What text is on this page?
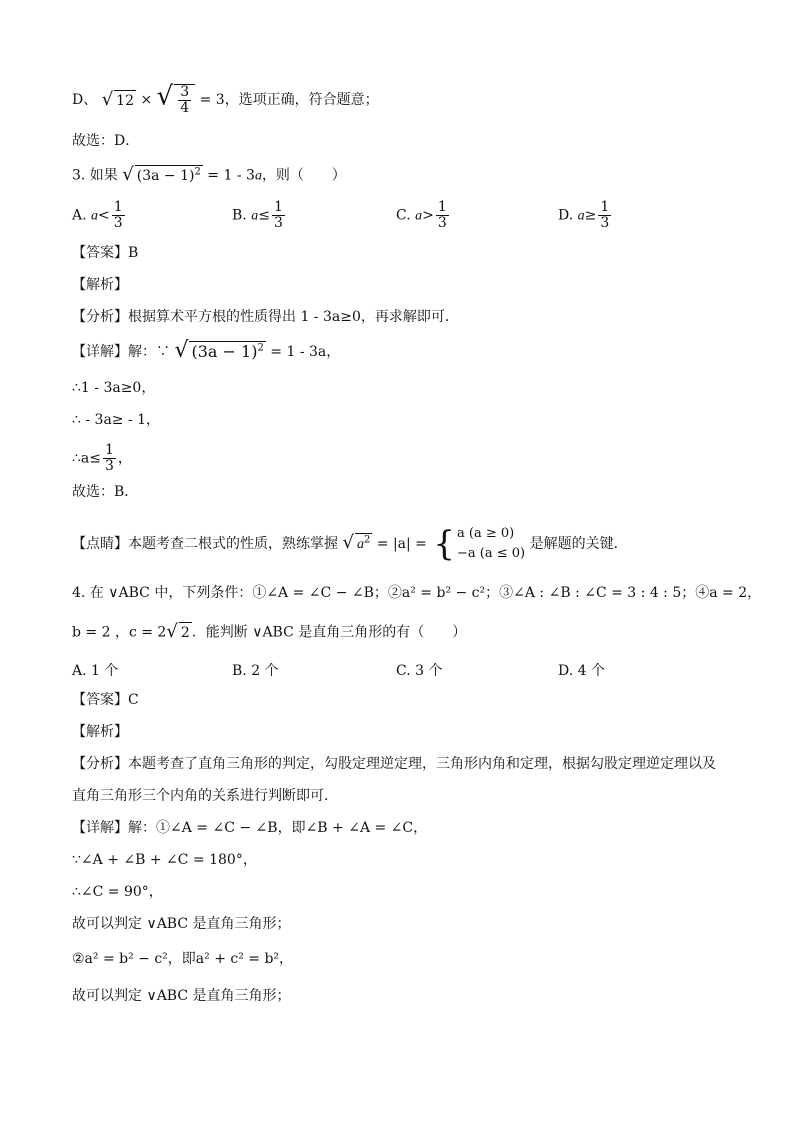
D、 √ 12 × √ $\frac{3}{4} = 3$，选项正确，符合题意；
故选：D．
3. 如果 √ $(3a - 1)^2 = 1 - 3a$，则（　　）
A. $a< \frac{1}{3}$	B. $a\le \frac{1}{3}$	C. $a> \frac{1}{3}$	D. $a\ge \frac{1}{3}$
【答案】B
【解析】
【分析】根据算术平方根的性质得出 1 - 3a≥0，再求解即可．
【详解】解：∵ √ $(3a - 1)^2 = 1 - 3a$，
∴1 - 3a≥0，
∴ - 3a≥ - 1，
∴a≤ $\frac{1}{3}$ ，
故选：B．
【点睛】本题考查二根式的性质，熟练掌握 √ $a^2 = |a|$ = { a (a ≥ 0)
−a (a ≤ 0)
是解题的关键．
4. 在 ∨ABC 中，下列条件：①∠A = ∠C − ∠B；②a² = b² − c²；③∠A : ∠B : ∠C = 3 : 4 : 5；④a = 2，
b = 2 ，c = 2√ 2 ．能判断 ∨ABC 是直角三角形的有（　　）
A. 1 个	B. 2 个	C. 3 个	D. 4 个
【答案】C
【解析】
【分析】本题考查了直角三角形的判定，勾股定理逆定理，三角形内角和定理，根据勾股定理逆定理以及
直角三角形三个内角的关系进行判断即可．
【详解】解：①∠A = ∠C − ∠B，即∠B + ∠A = ∠C，
∵∠A + ∠B + ∠C = 180°，
∴∠C = 90°，
故可以判定 ∨ABC 是直角三角形；
②a² = b² − c²，即a² + c² = b²，
故可以判定 ∨ABC 是直角三角形；
